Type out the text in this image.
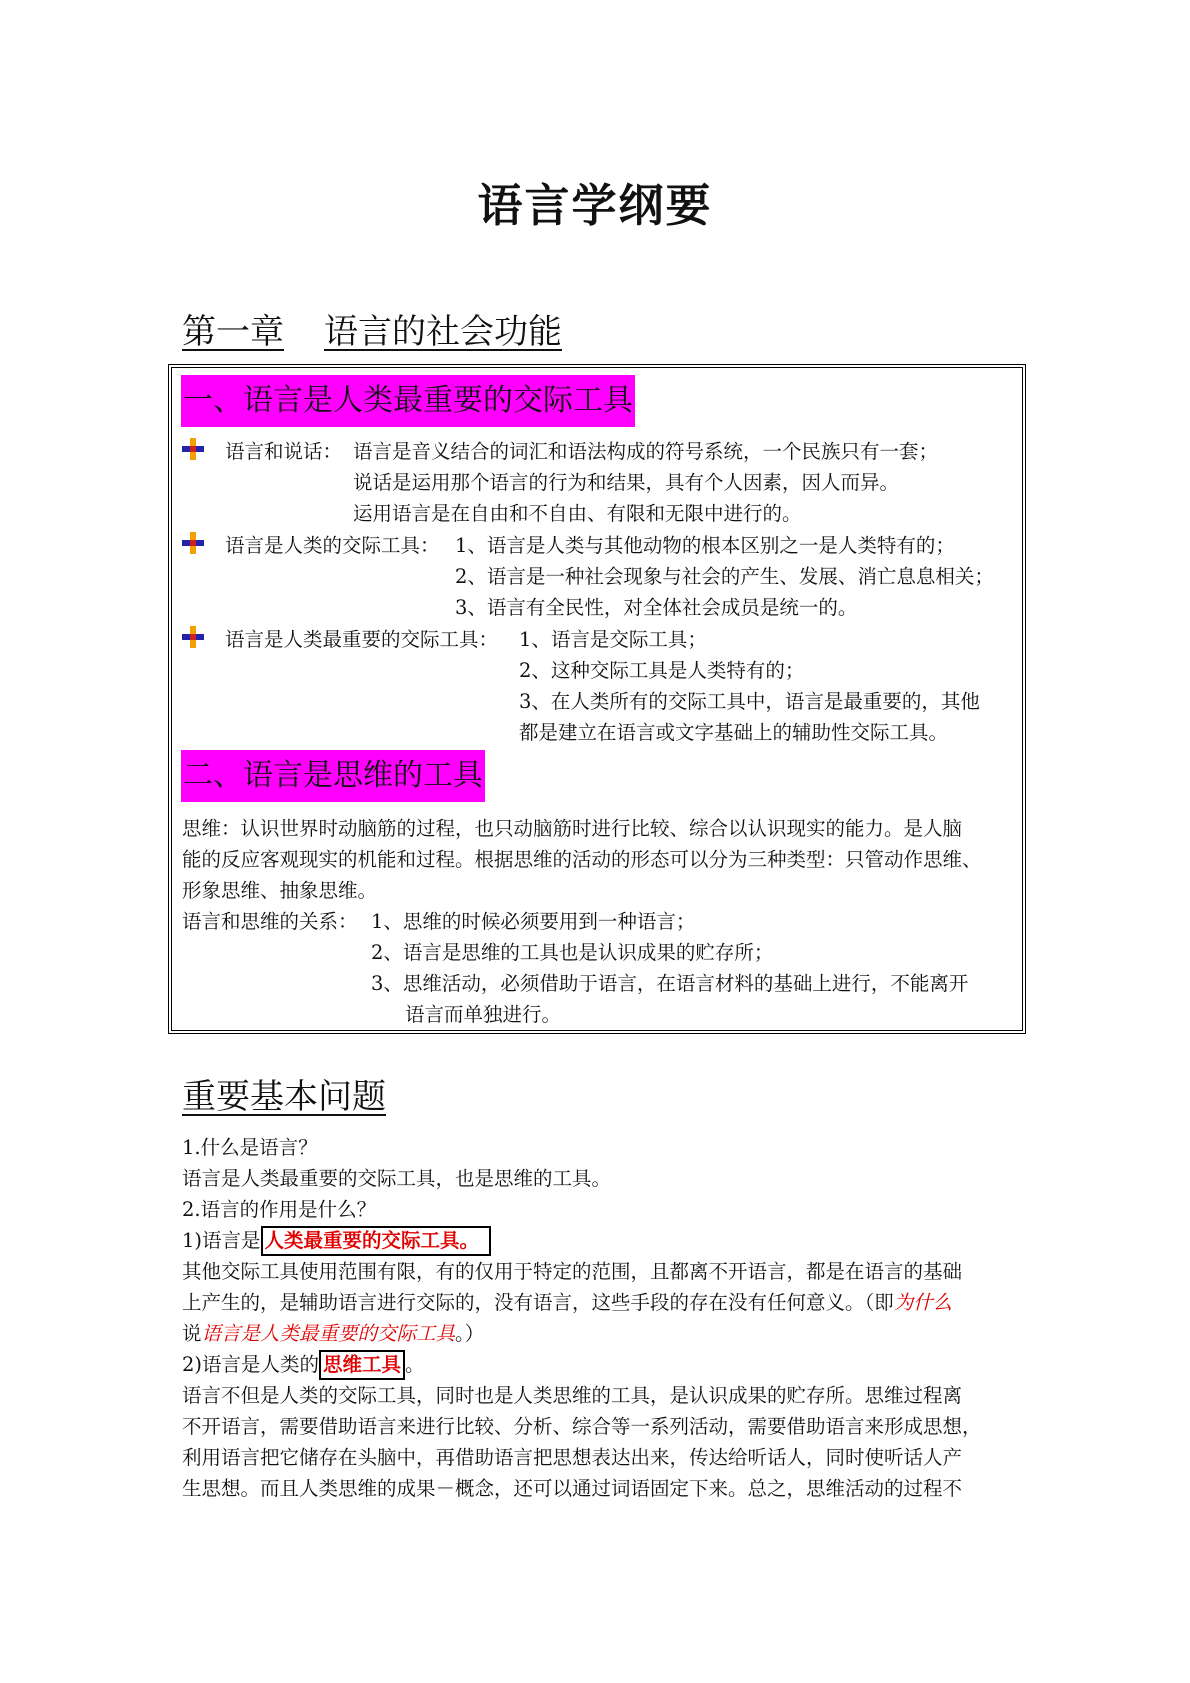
语言学纲要
第一章 语言的社会功能
一、语言是人类最重要的交际工具
语言和说话： 语言是音义结合的词汇和语法构成的符号系统，一个民族只有一套；
说话是运用那个语言的行为和结果，具有个人因素，因人而异。
运用语言是在自由和不自由、有限和无限中进行的。
语言是人类的交际工具： 1、语言是人类与其他动物的根本区别之一是人类特有的；
2、语言是一种社会现象与社会的产生、发展、消亡息息相关；
3、语言有全民性，对全体社会成员是统一的。
语言是人类最重要的交际工具： 1、语言是交际工具；
2、这种交际工具是人类特有的；
3、在人类所有的交际工具中，语言是最重要的，其他
都是建立在语言或文字基础上的辅助性交际工具。
二、语言是思维的工具
思维：认识世界时动脑筋的过程，也只动脑筋时进行比较、综合以认识现实的能力。是人脑
能的反应客观现实的机能和过程。根据思维的活动的形态可以分为三种类型：只管动作思维、
形象思维、抽象思维。
语言和思维的关系： 1、思维的时候必须要用到一种语言；
2、语言是思维的工具也是认识成果的贮存所；
3、思维活动，必须借助于语言，在语言材料的基础上进行，不能离开
语言而单独进行。
重要基本问题
1.什么是语言？
语言是人类最重要的交际工具，也是思维的工具。
2.语言的作用是什么？
1)语言是 人类最重要的交际工具。
其他交际工具使用范围有限，有的仅用于特定的范围，且都离不开语言，都是在语言的基础
上产生的，是辅助语言进行交际的，没有语言，这些手段的存在没有任何意义。（即为什么
说语言是人类最重要的交际工具。）
2)语言是人类的 思维工具 。
语言不但是人类的交际工具，同时也是人类思维的工具，是认识成果的贮存所。思维过程离
不开语言，需要借助语言来进行比较、分析、综合等一系列活动，需要借助语言来形成思想，
利用语言把它储存在头脑中，再借助语言把思想表达出来，传达给听话人，同时使听话人产
生思想。而且人类思维的成果－概念，还可以通过词语固定下来。总之，思维活动的过程不
